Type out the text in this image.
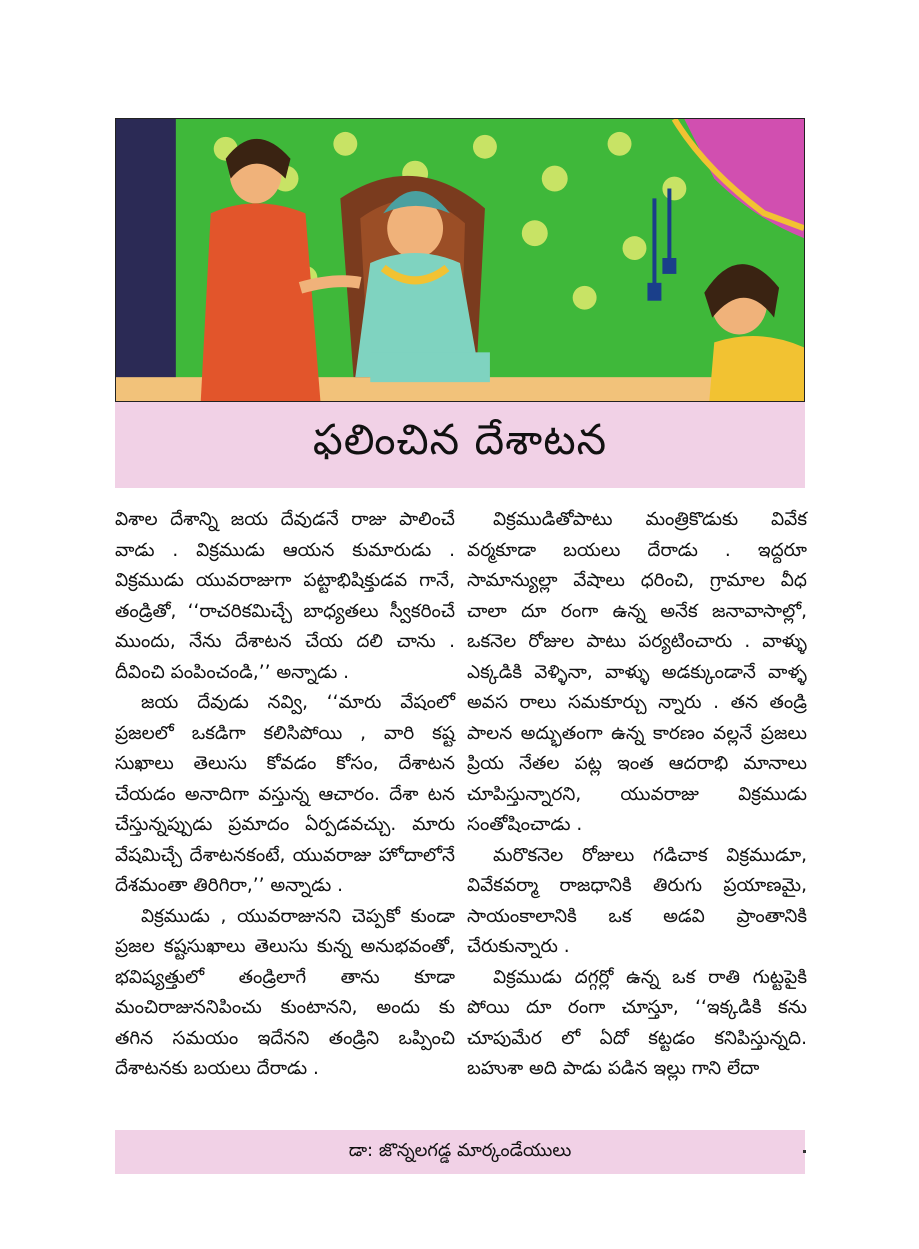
ఫలించిన దేశాటన

విశాల దేశాన్ని జయ దేవుడనే రాజు పాలించే వాడు . విక్రముడు ఆయన కుమారుడు . విక్రముడు యువరాజుగా పట్టాభిషిక్తుడవ గానే, తండ్రితో, ‘‘రాచరికమిచ్చే బాధ్యతలు స్వీకరించే ముందు, నేను దేశాటన చేయ దలి చాను . దీవించి పంపించండి,’’ అన్నాడు .

జయ దేవుడు నవ్వి, ‘‘మారు వేషంలో ప్రజలలో ఒకడిగా కలిసిపోయి , వారి కష్ట సుఖాలు తెలుసు కోవడం కోసం, దేశాటన చేయడం అనాదిగా వస్తున్న ఆచారం. దేశా టన చేస్తున్నప్పుడు ప్రమాదం ఏర్పడవచ్చు. మారు వేషమిచ్చే దేశాటనకంటే, యువరాజు హోదాలోనే దేశమంతా తిరిగిరా,’’ అన్నాడు .

విక్రముడు , యువరాజునని చెప్పకో కుండా ప్రజల కష్టసుఖాలు తెలుసు కున్న అనుభవంతో, భవిష్యత్తులో తండ్రిలాగే తాను కూడా మంచిరాజుననిపించు కుంటానని, అందు కు తగిన సమయం ఇదేనని తండ్రిని ఒప్పించి దేశాటనకు బయలు దేరాడు .

విక్రముడితోపాటు మంత్రికొడుకు వివేక వర్మకూడా బయలు దేరాడు . ఇద్దరూ సామాన్యుల్లా వేషాలు ధరించి, గ్రామాల వీధ చాలా దూ రంగా ఉన్న అనేక జనావాసాల్లో, ఒకనెల రోజుల పాటు పర్యటించారు . వాళ్ళు ఎక్కడికి వెళ్ళినా, వాళ్ళు అడక్కుండానే వాళ్ళ అవస రాలు సమకూర్చు న్నారు . తన తండ్రి పాలన అద్భుతంగా ఉన్న కారణం వల్లనే ప్రజలు ప్రియ నేతల పట్ల ఇంత ఆదరాభి మానాలు చూపిస్తున్నారని, యువరాజు విక్రముడు సంతోషించాడు .

మరొకనెల రోజులు గడిచాక విక్రముడూ, వివేకవర్మా రాజధానికి తిరుగు ప్రయాణమై, సాయంకాలానికి ఒక అడవి ప్రాంతానికి చేరుకున్నారు .

విక్రముడు దగ్గర్లో ఉన్న ఒక రాతి గుట్టపైకి పోయి దూ రంగా చూస్తూ, ‘‘ఇక్కడికి కను చూపుమేర లో ఏదో కట్టడం కనిపిస్తున్నది. బహుశా అది పాడు పడిన ఇల్లు గాని లేదా

డా: జొన్నలగడ్డ మార్కండేయులు
